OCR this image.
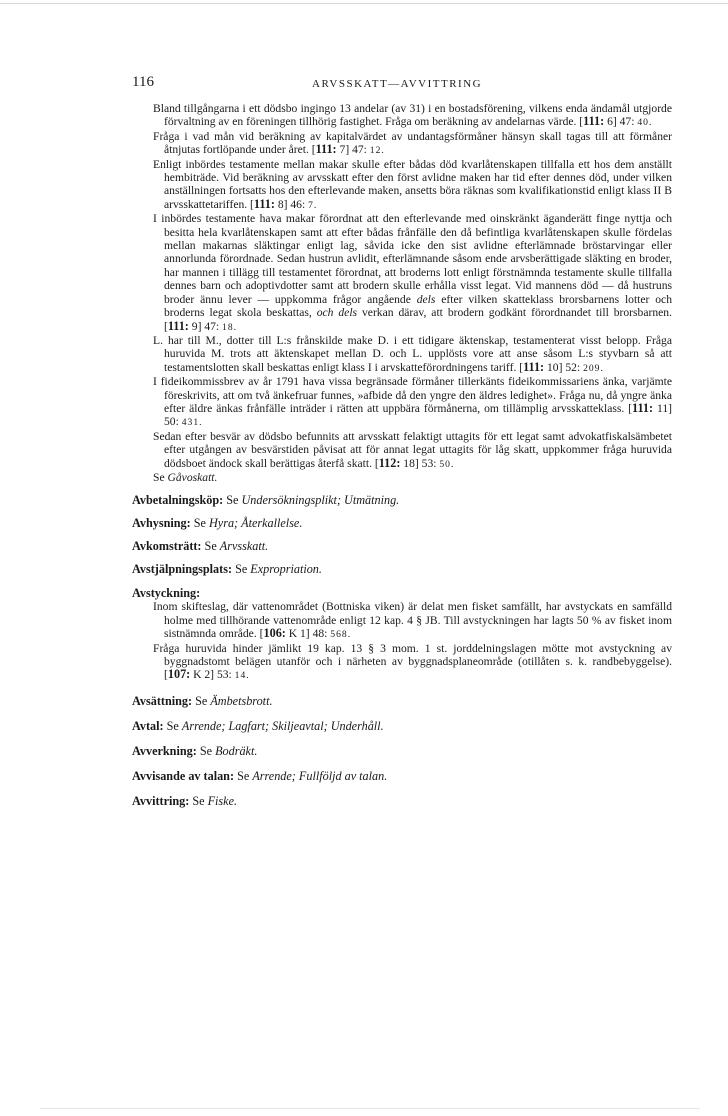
116	ARVSSKATT—AVVITTRING

Bland tillgångarna i ett dödsbo ingingo 13 andelar (av 31) i en bostadsförening, vilkens enda ändamål utgjorde förvaltning av en föreningen tillhörig fastighet. Fråga om beräkning av andelarnas värde. [111: 6] 47: 40.

Fråga i vad mån vid beräkning av kapitalvärdet av undantagsförmåner hänsyn skall tagas till att förmåner åtnjutas fortlöpande under året. [111: 7] 47: 12.

Enligt inbördes testamente mellan makar skulle efter bådas död kvarlåtenskapen tillfalla ett hos dem anställt hembiträde. Vid beräkning av arvsskatt efter den först avlidne maken har tid efter dennes död, under vilken anställningen fortsatts hos den efterlevande maken, ansetts böra räknas som kvalifikationstid enligt klass II B arvsskattetariffen. [111: 8] 46: 7.

I inbördes testamente hava makar förordnat att den efterlevande med oinskränkt äganderätt finge nyttja och besitta hela kvarlåtenskapen samt att efter bådas frånfälle den då befintliga kvarlåtenskapen skulle fördelas mellan makarnas släktingar enligt lag, såvida icke den sist avlidne efterlämnade bröstarvingar eller annorlunda förordnade. Sedan hustrun avlidit, efterlämnande såsom ende arvsberättigade släkting en broder, har mannen i tillägg till testamentet förordnat, att broderns lott enligt förstnämnda testamente skulle tillfalla dennes barn och adoptivdotter samt att brodern skulle erhålla visst legat. Vid mannens död — då hustruns broder ännu lever — uppkomma frågor angående dels efter vilken skatteklass brorsbarnens lotter och broderns legat skola beskattas, och dels verkan därav, att brodern godkänt förordnandet till brorsbarnen. [111: 9] 47: 18.

L. har till M., dotter till L:s frånskilde make D. i ett tidigare äktenskap, testamenterat visst belopp. Fråga huruvida M. trots att äktenskapet mellan D. och L. upplösts vore att anse såsom L:s styvbarn så att testamentslotten skall beskattas enligt klass I i arvskatteförordningens tariff. [111: 10] 52: 209.

I fideikommissbrev av år 1791 hava vissa begränsade förmåner tillerkänts fideikommissariens änka, varjämte föreskrivits, att om två änkefruar funnes, »afbide då den yngre den äldres ledighet». Fråga nu, då yngre änka efter äldre änkas frånfälle inträder i rätten att uppbära förmånerna, om tillämplig arvsskatteklass. [111: 11] 50: 431.

Sedan efter besvär av dödsbo befunnits att arvsskatt felaktigt uttagits för ett legat samt advokatfiskalsämbetet efter utgången av besvärstiden påvisat att för annat legat uttagits för låg skatt, uppkommer fråga huruvida dödsboet ändock skall berättigas återfå skatt. [112: 18] 53: 50.

Se Gåvoskatt.

Avbetalningsköp: Se Undersökningsplikt; Utmätning.

Avhysning: Se Hyra; Återkallelse.

Avkomsträtt: Se Arvsskatt.

Avstjälpningsplats: Se Expropriation.

Avstyckning:

Inom skifteslag, där vattenområdet (Bottniska viken) är delat men fisket samfällt, har avstyckats en samfälld holme med tillhörande vattenområde enligt 12 kap. 4 § JB. Till avstyckningen har lagts 50 % av fisket inom sistnämnda område. [106: K 1] 48: 568.

Fråga huruvida hinder jämlikt 19 kap. 13 § 3 mom. 1 st. jorddelningslagen mötte mot avstyckning av byggnadstomt belägen utanför och i närheten av byggnadsplaneområde (otillåten s. k. randbebyggelse). [107: K 2] 53: 14.

Avsättning: Se Ämbetsbrott.

Avtal: Se Arrende; Lagfart; Skiljeavtal; Underhåll.

Avverkning: Se Bodräkt.

Avvisande av talan: Se Arrende; Fullföljd av talan.

Avvittring: Se Fiske.
